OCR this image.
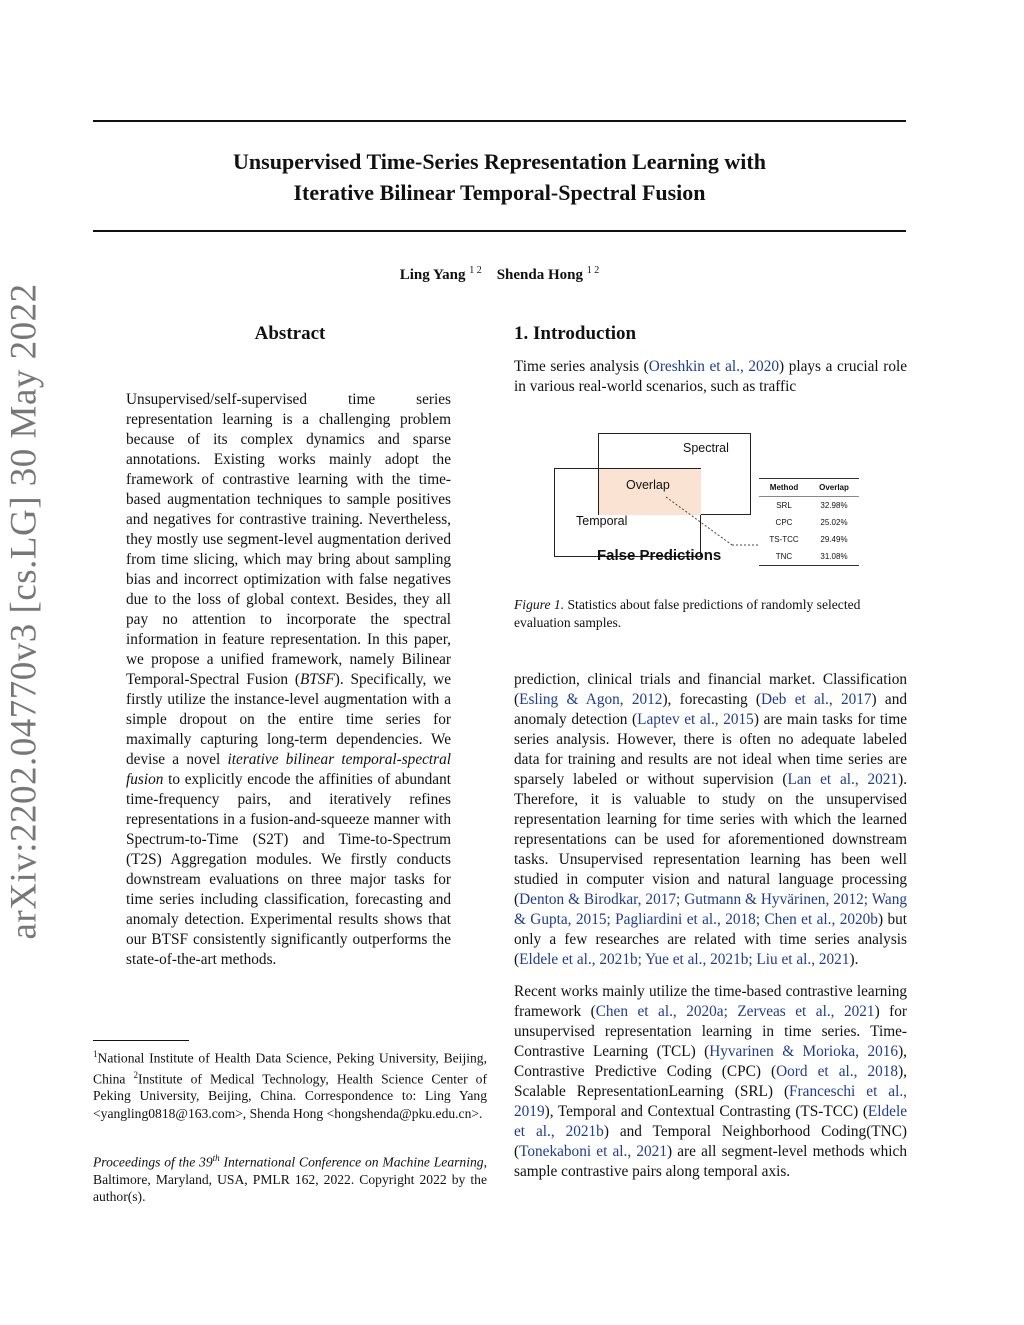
Unsupervised Time-Series Representation Learning with
Iterative Bilinear Temporal-Spectral Fusion
Ling Yang $^{1 2}$ Shenda Hong $^{1 2}$
arXiv:2202.04770v3 [cs.LG] 30 May 2022	Abstract
Unsupervised/self-supervised time series representation learning is a challenging problem because of its complex dynamics and sparse annotations. Existing works mainly adopt the framework of contrastive learning with the time-based augmentation techniques to sample positives and negatives for contrastive training. Nevertheless, they mostly use segment-level augmentation derived from time slicing, which may bring about sampling bias and incorrect optimization with false negatives due to the loss of global context. Besides, they all pay no attention to incorporate the spectral information in feature representation. In this paper, we propose a unified framework, namely Bilinear Temporal-Spectral Fusion (BTSF). Specifically, we firstly utilize the instance-level augmentation with a simple dropout on the entire time series for maximally capturing long-term dependencies. We devise a novel iterative bilinear temporal-spectral fusion to explicitly encode the affinities of abundant time-frequency pairs, and iteratively refines representations in a fusion-and-squeeze manner with Spectrum-to-Time (S2T) and Time-to-Spectrum (T2S) Aggregation modules. We firstly conducts downstream evaluations on three major tasks for time series including classification, forecasting and anomaly detection. Experimental results shows that our BTSF consistently significantly outperforms the state-of-the-art methods.
$^1$National Institute of Health Data Science, Peking University, Beijing, China $^2$Institute of Medical Technology, Health Science Center of Peking University, Beijing, China. Correspondence to: Ling Yang <yangling0818@163.com>, Shenda Hong <hongshenda@pku.edu.cn>.
Proceedings of the 39th International Conference on Machine Learning, Baltimore, Maryland, USA, PMLR 162, 2022. Copyright 2022 by the author(s).
1. Introduction
Time series analysis (Oreshkin et al., 2020) plays a crucial role in various real-world scenarios, such as traffic
Spectral
Overlap
Temporal
False Predictions
Method	Overlap
SRL	32.98%
CPC	25.02%
TS-TCC	29.49%
TNC	31.08%
Figure 1. Statistics about false predictions of randomly selected evaluation samples.

prediction, clinical trials and financial market. Classification (Esling & Agon, 2012), forecasting (Deb et al., 2017) and anomaly detection (Laptev et al., 2015) are main tasks for time series analysis. However, there is often no adequate labeled data for training and results are not ideal when time series are sparsely labeled or without supervision (Lan et al., 2021). Therefore, it is valuable to study on the unsupervised representation learning for time series with which the learned representations can be used for aforementioned downstream tasks. Unsupervised representation learning has been well studied in computer vision and natural language processing (Denton & Birodkar, 2017; Gutmann & Hyvärinen, 2012; Wang & Gupta, 2015; Pagliardini et al., 2018; Chen et al., 2020b) but only a few researches are related with time series analysis (Eldele et al., 2021b; Yue et al., 2021b; Liu et al., 2021).

Recent works mainly utilize the time-based contrastive learning framework (Chen et al., 2020a; Zerveas et al., 2021) for unsupervised representation learning in time series. Time-Contrastive Learning (TCL) (Hyvarinen & Morioka, 2016), Contrastive Predictive Coding (CPC) (Oord et al., 2018), Scalable RepresentationLearning (SRL) (Franceschi et al., 2019), Temporal and Contextual Contrasting (TS-TCC) (Eldele et al., 2021b) and Temporal Neighborhood Coding(TNC) (Tonekaboni et al., 2021) are all segment-level methods which sample contrastive pairs along temporal axis.
